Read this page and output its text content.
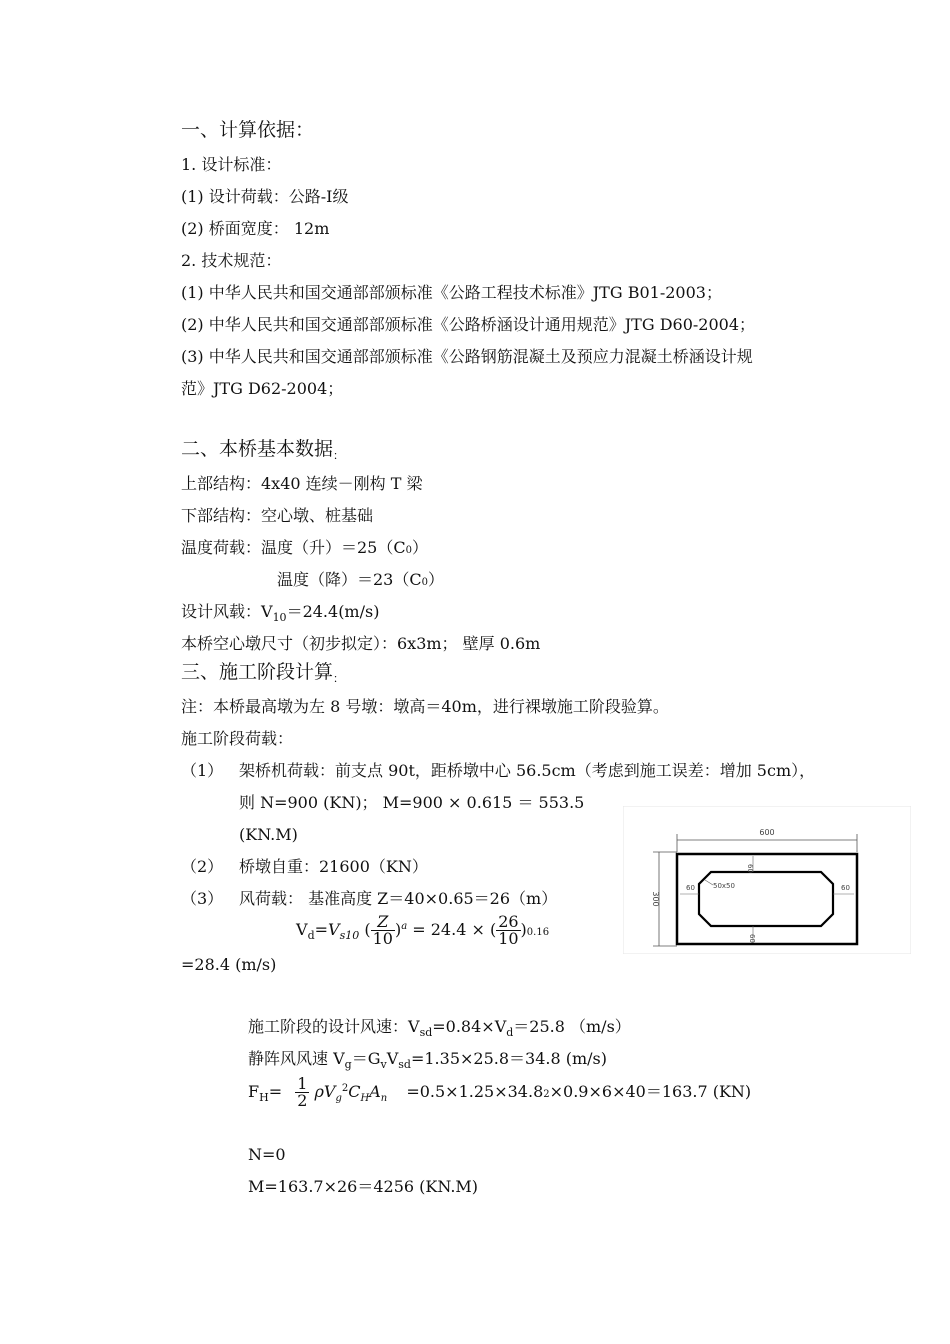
一、计算依据：
1. 设计标准：
(1) 设计荷载：公路-Ⅰ级
(2) 桥面宽度： 12m
2. 技术规范：
(1) 中华人民共和国交通部部颁标准《公路工程技术标准》JTG B01-2003；
(2) 中华人民共和国交通部部颁标准《公路桥涵设计通用规范》JTG D60-2004；
(3) 中华人民共和国交通部部颁标准《公路钢筋混凝土及预应力混凝土桥涵设计规
范》JTG D62-2004；
二、本桥基本数据$_:$
上部结构：4x40 连续－刚构 T 梁
下部结构：空心墩、桩基础
温度荷载：温度（升）＝25（C0）
温度（降）＝23（C0）
设计风载：$V_{10}=24.4(m/s)$
本桥空心墩尺寸（初步拟定）：6x3m； 壁厚 0.6m
三、施工阶段计算$_:$
注：本桥最高墩为左 8 号墩：墩高＝40m，进行裸墩施工阶段验算。
施工阶段荷载：
（1） 架桥机荷载：前支点 90t，距桥墩中心 56.5cm（考虑到施工误差：增加 5cm），
则 N=900 (KN)； M=900 × 0.615 ＝ 553.5
(KN.M)
（2） 桥墩自重：21600（KN）
（3） 风荷载： 基准高度 Z＝40×0.65＝26（m）
$V_d=V_{s10}$ ( $\frac{Z}{10} )^a = 24.4$ × ( $\frac{26}{10} )0.16$
=28.4 (m/s)
施工阶段的设计风速：$V_{sd}=0.84\times V_d=25.8$ （m/s）
静阵风风速 $V_g=G_vV_{sd}=1.35\times 25.8=34.8$ (m/s)
$F_H= \frac{1}{2} \rho V_g^2C_HA_n =0.5\times 1.25\times 34.82\times 0.9\times 6\times 40=163.7$ (KN)
N=0
M=163.7×26＝4256 (KN.M)
600
300
60	60
60
60
50x50
